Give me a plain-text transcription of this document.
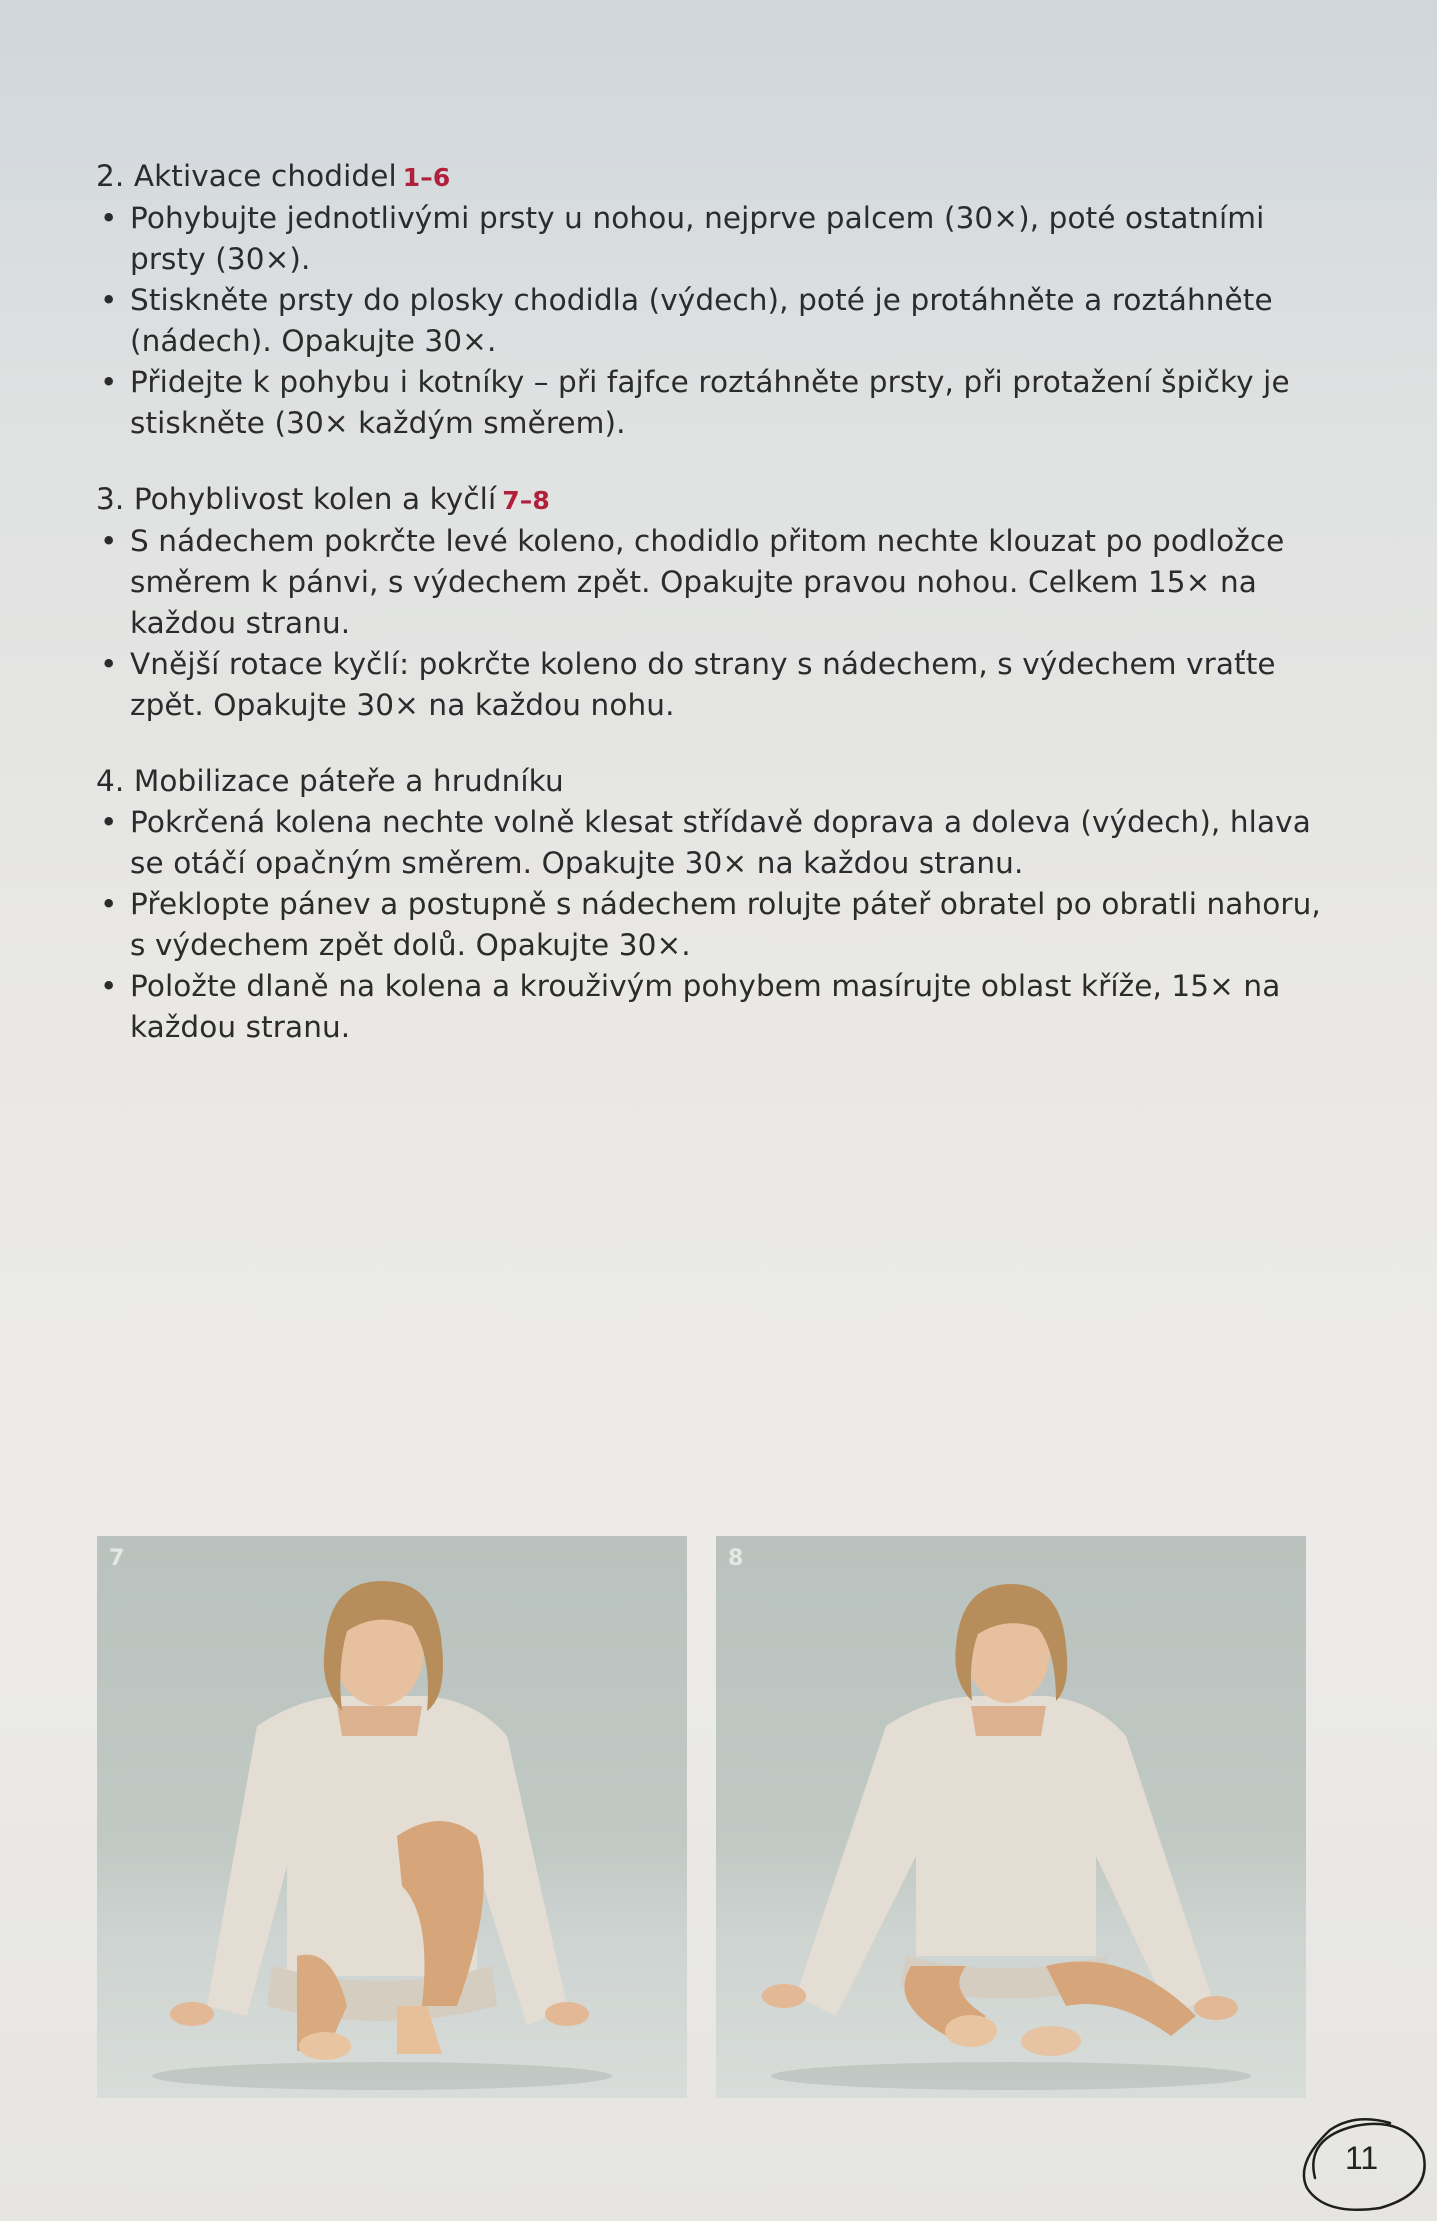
2. Aktivace chodidel 1–6

• Pohybujte jednotlivými prsty u nohou, nejprve palcem (30×), poté ostatními prsty (30×).
• Stiskněte prsty do plosky chodidla (výdech), poté je protáhněte a roztáhněte (nádech). Opakujte 30×.
• Přidejte k pohybu i kotníky – při fajfce roztáhněte prsty, při protažení špičky je stiskněte (30× každým směrem).

3. Pohyblivost kolen a kyčlí 7–8

• S nádechem pokrčte levé koleno, chodidlo přitom nechte klouzat po podložce směrem k pánvi, s výdechem zpět. Opakujte pravou nohou. Celkem 15× na každou stranu.
• Vnější rotace kyčlí: pokrčte koleno do strany s nádechem, s výdechem vraťte zpět. Opakujte 30× na každou nohu.

4. Mobilizace páteře a hrudníku

• Pokrčená kolena nechte volně klesat střídavě doprava a doleva (výdech), hlava se otáčí opačným směrem. Opakujte 30× na každou stranu.
• Překlopte pánev a postupně s nádechem rolujte páteř obratel po obratli nahoru, s výdechem zpět dolů. Opakujte 30×.
• Položte dlaně na kolena a krouživým pohybem masírujte oblast kříže, 15× na každou stranu.
7	8
11
